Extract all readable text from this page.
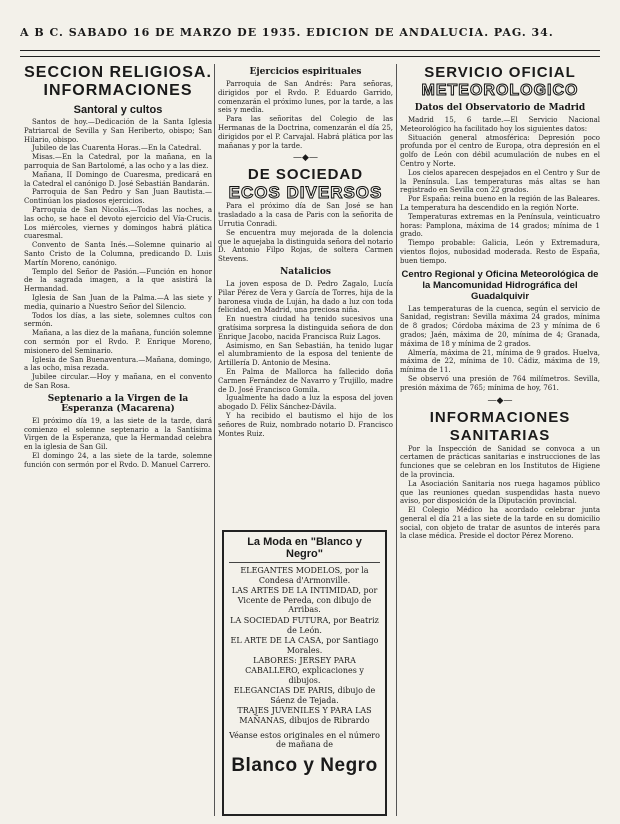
A B C. SABADO 16 DE MARZO DE 1935. EDICION DE ANDALUCIA. PAG. 34.
SECCION RELIGIOSA.
INFORMACIONES
Santoral y cultos

Santos de hoy.—Dedicación de la Santa Iglesia Patriarcal de Sevilla y San Heriberto, obispo; San Hilario, obispo.

Jubileo de las Cuarenta Horas.—En la Catedral.

Misas.—En la Catedral, por la mañana, en la parroquia de San Bartolomé, a las ocho y a las diez.

Mañana, II Domingo de Cuaresma, predicará en la Catedral el canónigo D. José Sebastián Bandarán.

Parroquia de San Pedro y San Juan Bautista.—Continúan los piadosos ejercicios.

Parroquia de San Nicolás.—Todas las noches, a las ocho, se hace el devoto ejercicio del Vía-Crucis. Los miércoles, viernes y domingos habrá plática cuaresmal.

Convento de Santa Inés.—Solemne quinario al Santo Cristo de la Columna, predicando D. Luis Martín Moreno, canónigo.

Templo del Señor de Pasión.—Función en honor de la sagrada imagen, a la que asistirá la Hermandad.

Iglesia de San Juan de la Palma.—A las siete y media, quinario a Nuestro Señor del Silencio.

Todos los días, a las siete, solemnes cultos con sermón.

Mañana, a las diez de la mañana, función solemne con sermón por el Rvdo. P. Enrique Moreno, misionero del Seminario.

Iglesia de San Buenaventura.—Mañana, domingo, a las ocho, misa rezada.

Jubilee circular.—Hoy y mañana, en el convento de San Rosa.

Septenario a la Virgen de la Esperanza (Macarena)

El próximo día 19, a las siete de la tarde, dará comienzo el solemne septenario a la Santísima Virgen de la Esperanza, que la Hermandad celebra en la iglesia de San Gil.

El domingo 24, a las siete de la tarde, solemne función con sermón por el Rvdo. D. Manuel Carrero.

Ejercicios espirituales

Parroquia de San Andrés: Para señoras, dirigidos por el Rvdo. P. Eduardo Garrido, comenzarán el próximo lunes, por la tarde, a las seis y media.

Para las señoritas del Colegio de las Hermanas de la Doctrina, comenzarán el día 25, dirigidos por el P. Carvajal. Habrá plática por las mañanas y por la tarde.

—◆—
DE SOCIEDAD
ECOS DIVERSOS

Para el próximo día de San José se han trasladado a la casa de Paris con la señorita de Urrutia Conradi.

Se encuentra muy mejorada de la dolencia que le aquejaba la distinguida señora del notario D. Antonio Filpo Rojas, de soltera Carmen Stevens.

Natalicios

La joven esposa de D. Pedro Zagalo, Lucía Pilar Pérez de Vera y García de Torres, hija de la baronesa viuda de Luján, ha dado a luz con toda felicidad, en Madrid, una preciosa niña.

En nuestra ciudad ha tenido sucesivos una gratísima sorpresa la distinguida señora de don Enrique Jacobo, nacida Francisca Ruiz Lagos.

Asimismo, en San Sebastián, ha tenido lugar el alumbramiento de la esposa del teniente de Artillería D. Antonio de Mesina.

En Palma de Mallorca ha fallecido doña Carmen Fernández de Navarro y Trujillo, madre de D. José Francisco Gomila.

Igualmente ha dado a luz la esposa del joven abogado D. Félix Sánchez-Dávila.

Y ha recibido el bautismo el hijo de los señores de Ruiz, nombrado notario D. Francisco Montes Ruiz.

La Moda en "Blanco y Negro"
ELEGANTES MODELOS, por la Condesa d'Armonville.
LAS ARTES DE LA INTIMIDAD, por Vicente de Pereda, con dibujo de Arribas.
LA SOCIEDAD FUTURA, por Beatriz de León.
EL ARTE DE LA CASA, por Santiago Morales.
LABORES: JERSEY PARA CABALLERO, explicaciones y dibujos.
ELEGANCIAS DE PARIS, dibujo de Sáenz de Tejada.
TRAJES JUVENILES Y PARA LAS MAÑANAS, dibujos de Ribrardo
Véanse estos originales en el número de mañana de
Blanco y Negro
SERVICIO OFICIAL
METEOROLOGICO
Datos del Observatorio de Madrid

Madrid 15, 6 tarde.—El Servicio Nacional Meteorológico ha facilitado hoy los siguientes datos:

Situación general atmosférica: Depresión poco profunda por el centro de Europa, otra depresión en el golfo de León con débil acumulación de nubes en el Centro y Norte.

Los cielos aparecen despejados en el Centro y Sur de la Península. Las temperaturas más altas se han registrado en Sevilla con 22 grados.

Por España: reina bueno en la región de las Baleares. La temperatura ha descendido en la región Norte.

Temperaturas extremas en la Península, veinticuatro horas: Pamplona, máxima de 14 grados; mínima de 1 grado.

Tiempo probable: Galicia, León y Extremadura, vientos flojos, nubosidad moderada. Resto de España, buen tiempo.

Centro Regional y Oficina Meteorológica de la Mancomunidad Hidrográfica del Guadalquivir

Las temperaturas de la cuenca, según el servicio de Sanidad, registran: Sevilla máxima 24 grados, mínima de 8 grados; Córdoba máxima de 23 y mínima de 6 grados; Jaén, máxima de 20, mínima de 4; Granada, máxima de 18 y mínima de 2 grados.

Almería, máxima de 21, mínima de 9 grados. Huelva, máxima de 22, mínima de 10. Cádiz, máxima de 19, mínima de 11.

Se observó una presión de 764 milímetros. Sevilla, presión máxima de 765; mínima de hoy, 761.

—◆—
INFORMACIONES
SANITARIAS

Por la Inspección de Sanidad se convoca a un certamen de prácticas sanitarias e instrucciones de las funciones que se celebran en los Institutos de Higiene de la provincia.

La Asociación Sanitaria nos ruega hagamos público que las reuniones quedan suspendidas hasta nuevo aviso, por disposición de la Diputación provincial.

El Colegio Médico ha acordado celebrar junta general el día 21 a las siete de la tarde en su domicilio social, con objeto de tratar de asuntos de interés para la clase médica. Preside el doctor Pérez Moreno.
